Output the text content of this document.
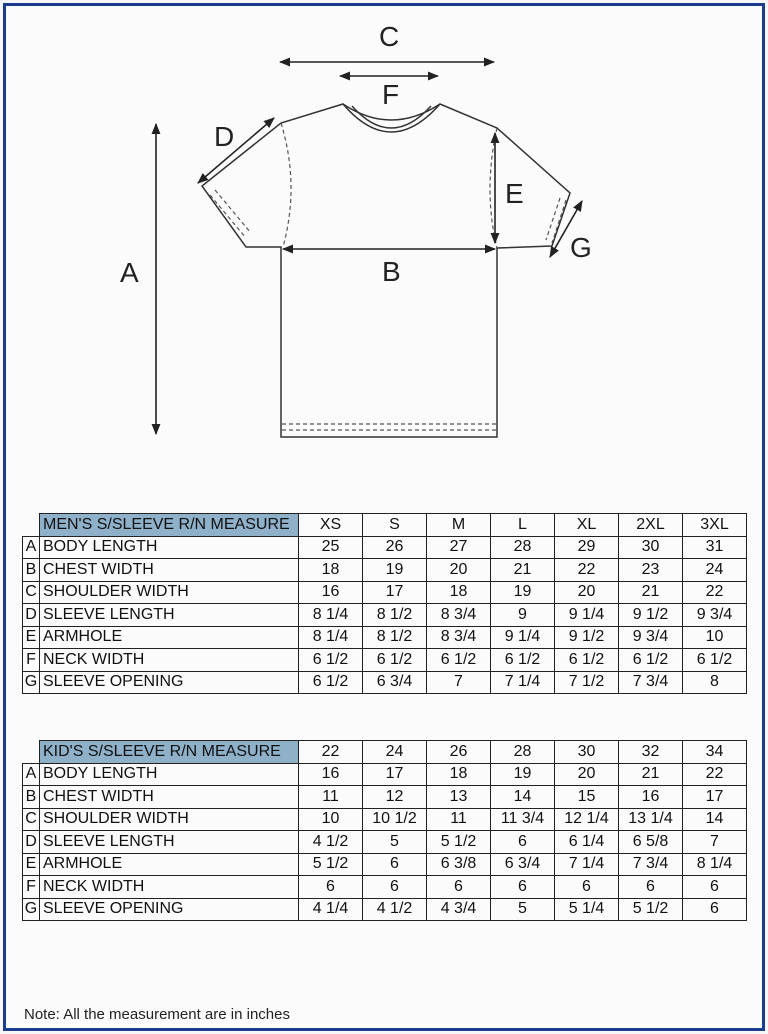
A	B
C
D
E
F
G
	MEN'S S/SLEEVE R/N MEASURE	XS	S	M	L	XL	2XL	3XL
A	BODY LENGTH	25	26	27	28	29	30	31
B	CHEST WIDTH	18	19	20	21	22	23	24
C	SHOULDER WIDTH	16	17	18	19	20	21	22
D	SLEEVE LENGTH	8 1/4	8 1/2	8 3/4	9	9 1/4	9 1/2	9 3/4
E	ARMHOLE	8 1/4	8 1/2	8 3/4	9 1/4	9 1/2	9 3/4	10
F	NECK WIDTH	6 1/2	6 1/2	6 1/2	6 1/2	6 1/2	6 1/2	6 1/2
G	SLEEVE OPENING	6 1/2	6 3/4	7	7 1/4	7 1/2	7 3/4	8
	KID'S S/SLEEVE R/N MEASURE	22	24	26	28	30	32	34
A	BODY LENGTH	16	17	18	19	20	21	22
B	CHEST WIDTH	11	12	13	14	15	16	17
C	SHOULDER WIDTH	10	10 1/2	11	11 3/4	12 1/4	13 1/4	14
D	SLEEVE LENGTH	4 1/2	5	5 1/2	6	6 1/4	6 5/8	7
E	ARMHOLE	5 1/2	6	6 3/8	6 3/4	7 1/4	7 3/4	8 1/4
F	NECK WIDTH	6	6	6	6	6	6	6
G	SLEEVE OPENING	4 1/4	4 1/2	4 3/4	5	5 1/4	5 1/2	6
Note: All the measurement are in inches
